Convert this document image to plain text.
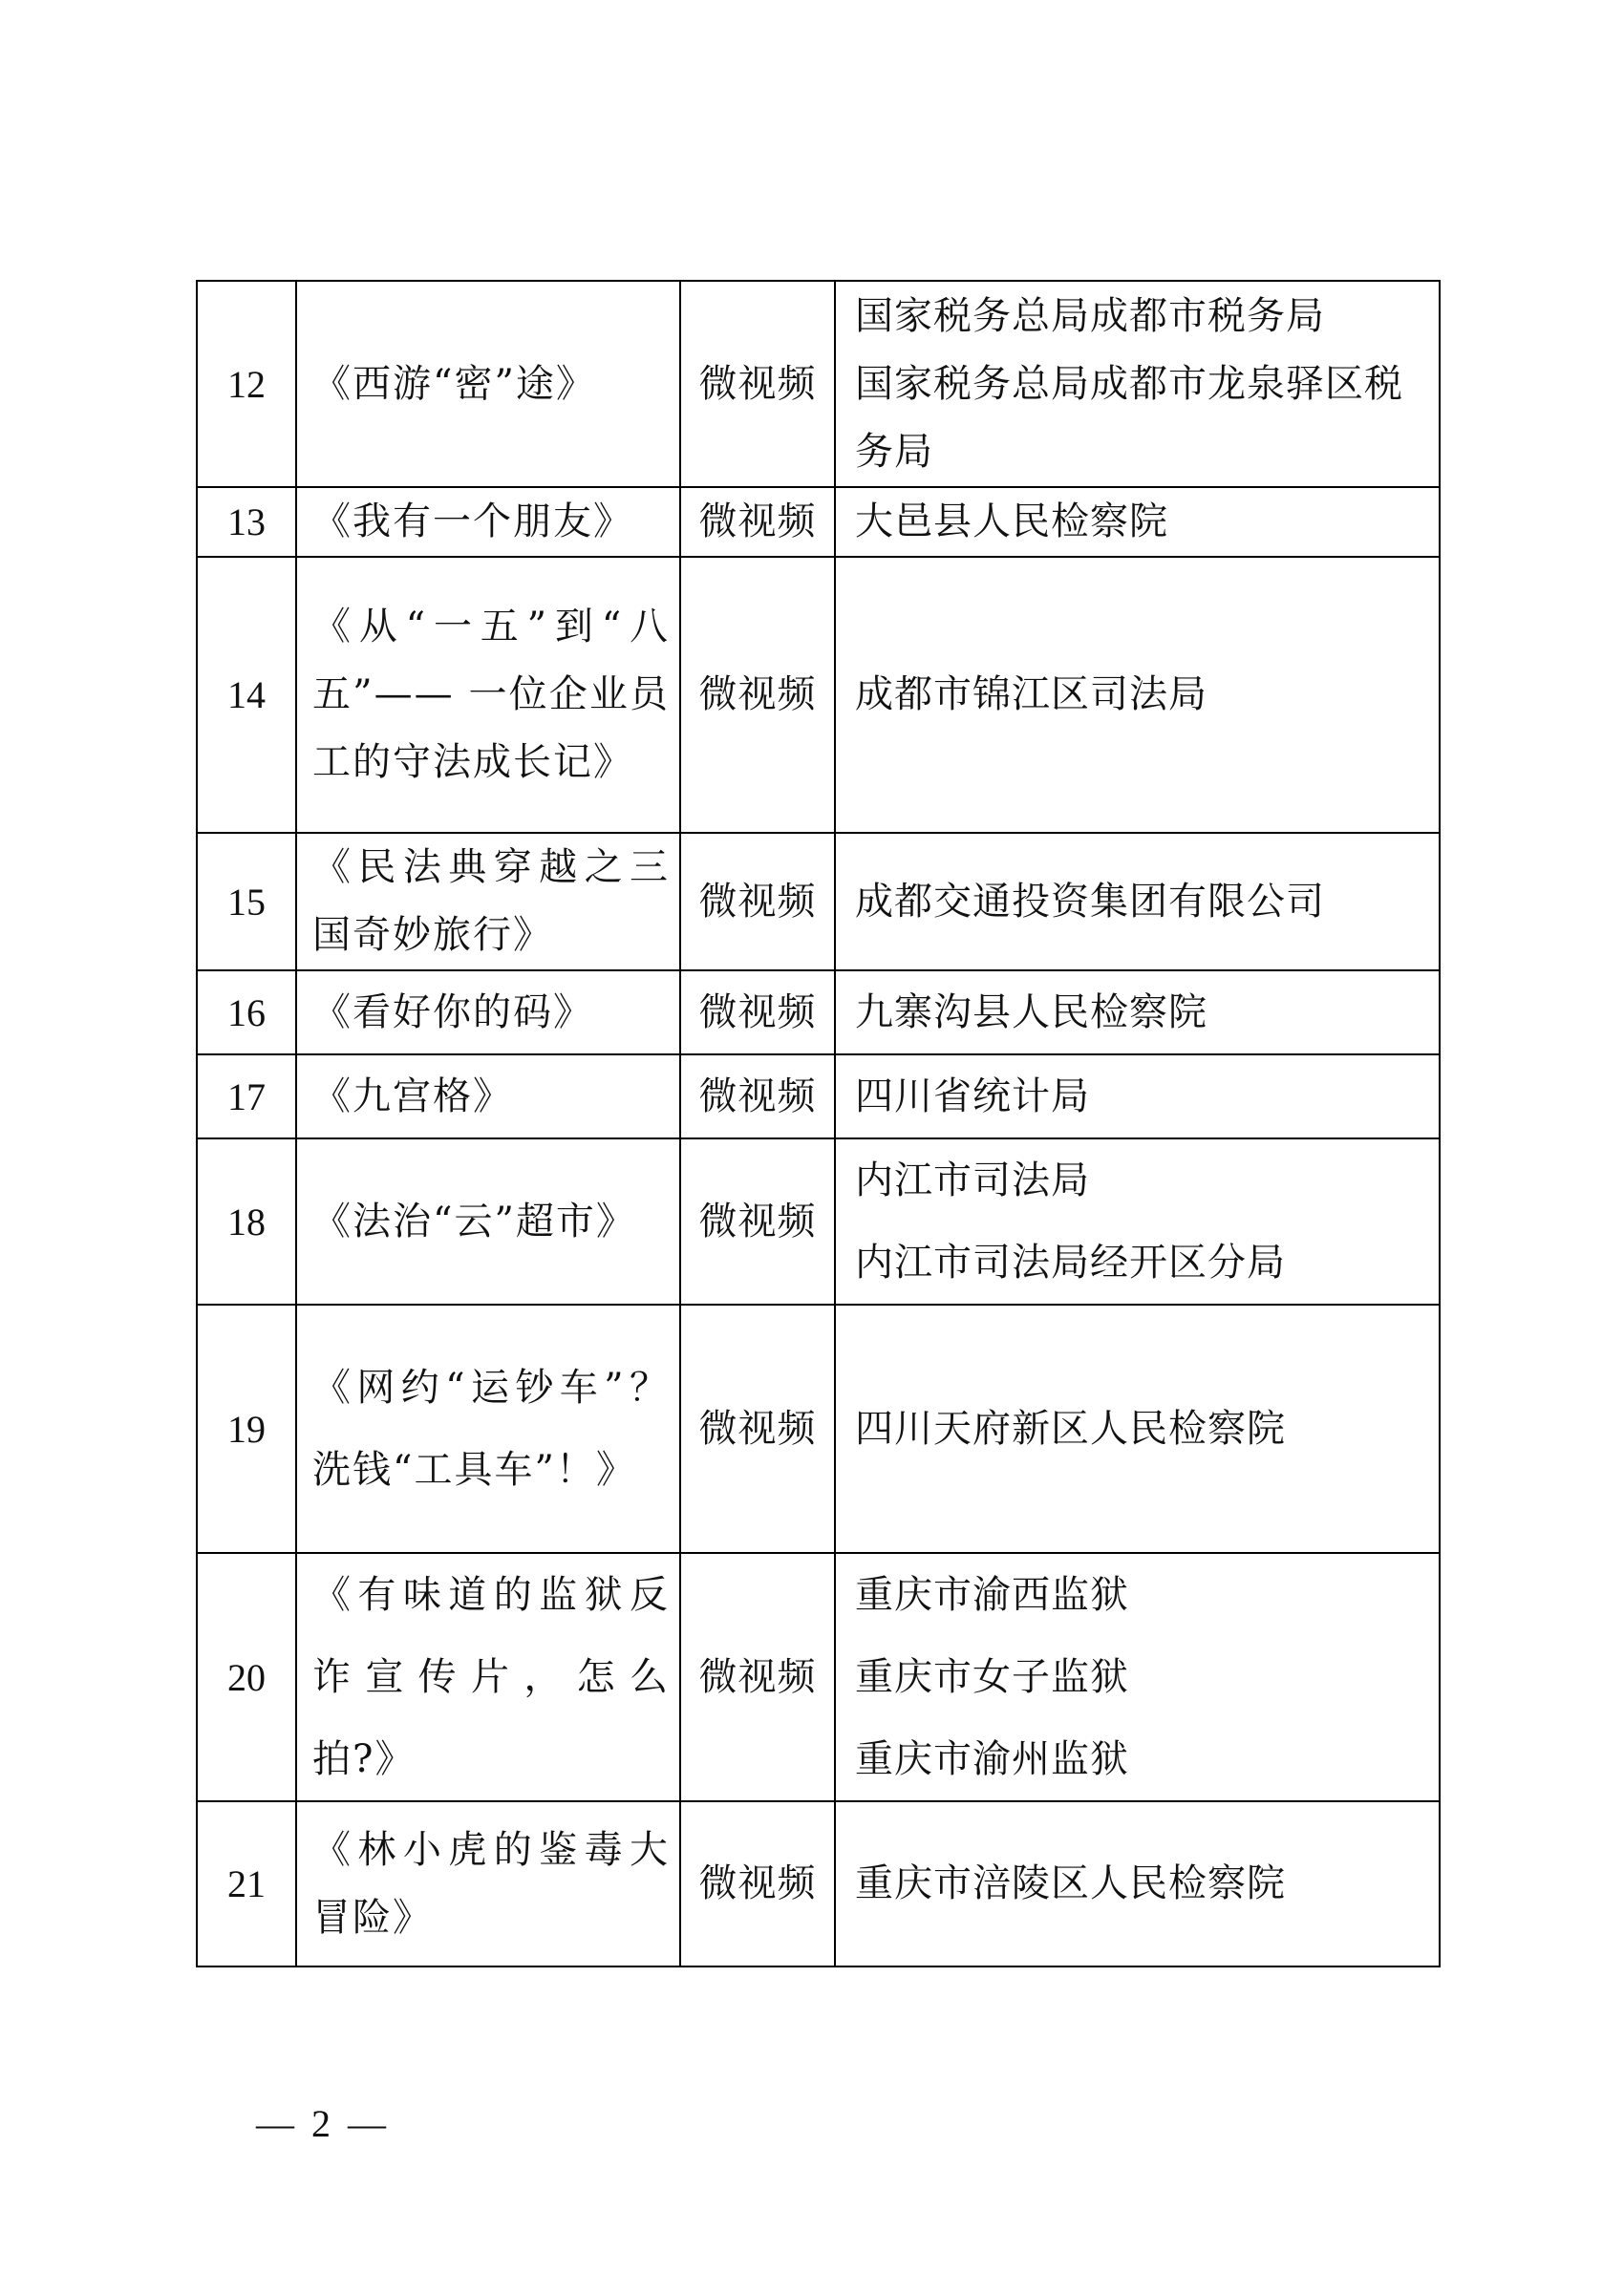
12	《西游“密”途》	微视频	国家税务总局成都市税务局
国家税务总局成都市龙泉驿区税务局

13	《我有一个朋友》	微视频	大邑县人民检察院

14	《从“一五”到“八五”—— 一位企业员工的守法成长记》	微视频	成都市锦江区司法局

15	《民法典穿越之三国奇妙旅行》	微视频	成都交通投资集团有限公司

16	《看好你的码》	微视频	九寨沟县人民检察院

17	《九宫格》	微视频	四川省统计局

18	《法治“云”超市》	微视频	内江市司法局
内江市司法局经开区分局

19	《网约“运钞车”？洗钱“工具车”！》	微视频	四川天府新区人民检察院

20	《有味道的监狱反诈宣传片，怎么拍?》	微视频	重庆市渝西监狱
重庆市女子监狱
重庆市渝州监狱

21	《林小虎的鉴毒大冒险》	微视频	重庆市涪陵区人民检察院
— 2 —
